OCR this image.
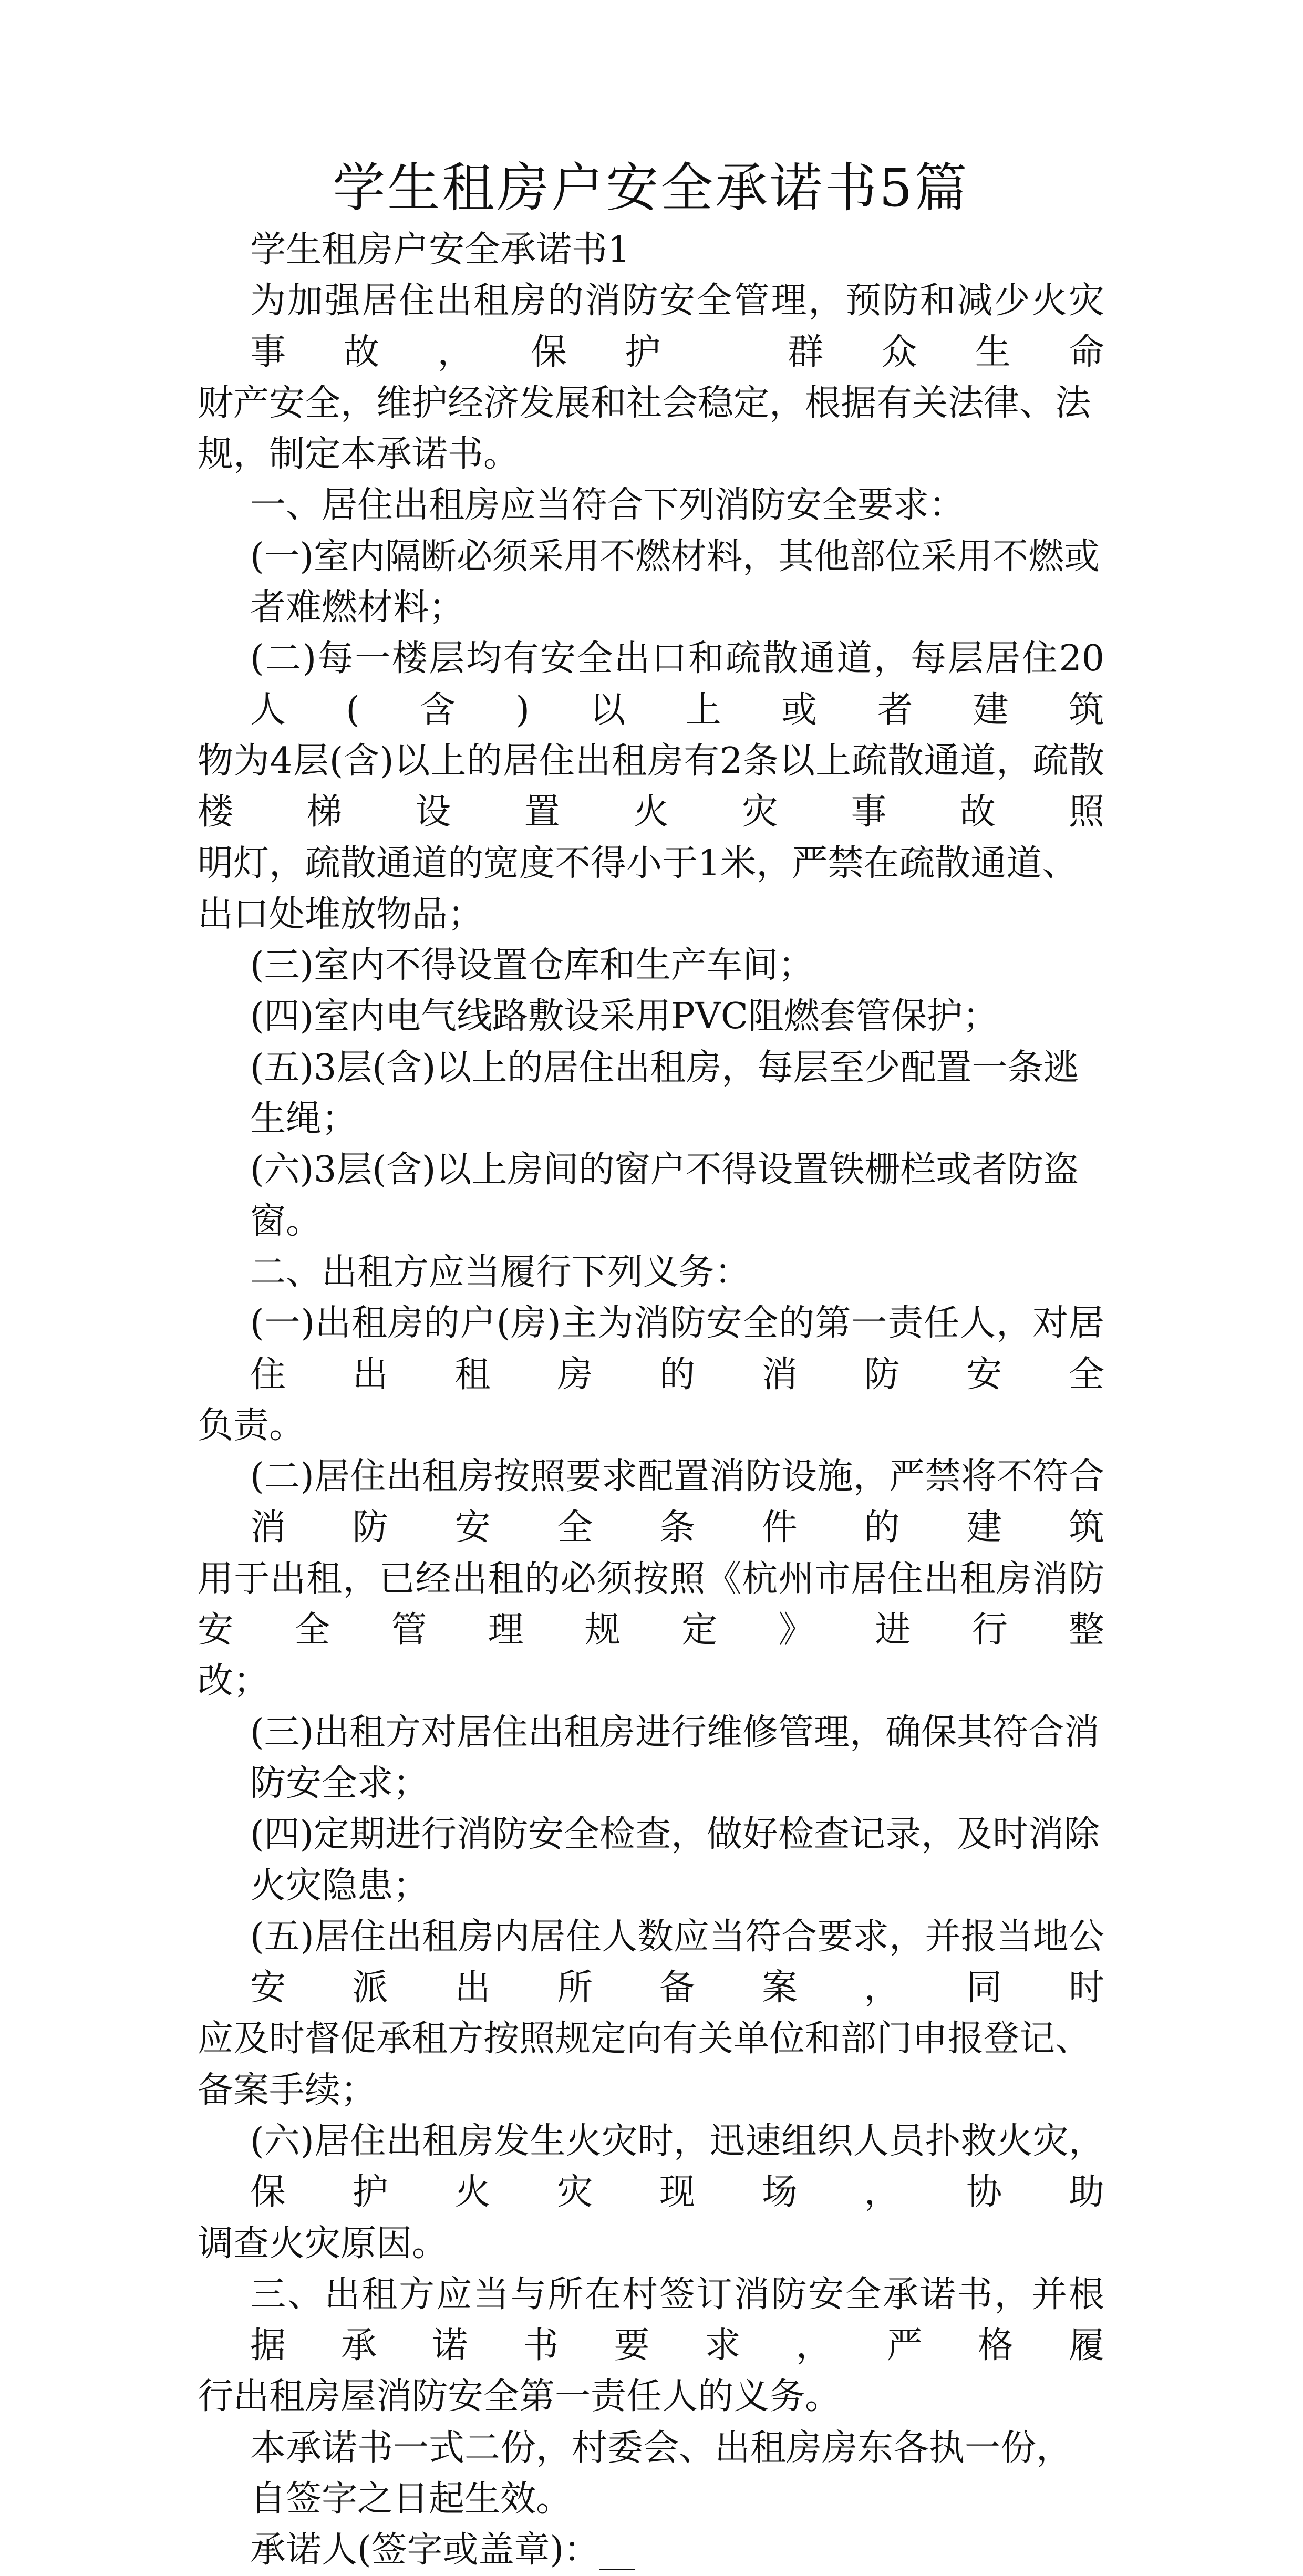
学生租房户安全承诺书5篇
学生租房户安全承诺书1
为加强居住出租房的消防安全管理，预防和减少火灾事故，保护 群众生命
财产安全，维护经济发展和社会稳定，根据有关法律、法规，制定本承诺书。
一、居住出租房应当符合下列消防安全要求：
(一)室内隔断必须采用不燃材料，其他部位采用不燃或者难燃材料；
(二)每一楼层均有安全出口和疏散通道，每层居住20人(含)以上或者建筑
物为4层(含)以上的居住出租房有2条以上疏散通道，疏散楼梯设置火灾事故照
明灯，疏散通道的宽度不得小于1米，严禁在疏散通道、出口处堆放物品；
(三)室内不得设置仓库和生产车间；
(四)室内电气线路敷设采用PVC阻燃套管保护；
(五)3层(含)以上的居住出租房，每层至少配置一条逃生绳；
(六)3层(含)以上房间的窗户不得设置铁栅栏或者防盗窗。
二、出租方应当履行下列义务：
(一)出租房的户(房)主为消防安全的第一责任人，对居住出租房的消防安全
负责。
(二)居住出租房按照要求配置消防设施，严禁将不符合消防安全条件的建筑
用于出租，已经出租的必须按照《杭州市居住出租房消防安全管理规定》进行整
改；
(三)出租方对居住出租房进行维修管理，确保其符合消防安全求；
(四)定期进行消防安全检查，做好检查记录，及时消除火灾隐患；
(五)居住出租房内居住人数应当符合要求，并报当地公安派出所备案，同时
应及时督促承租方按照规定向有关单位和部门申报登记、备案手续；
(六)居住出租房发生火灾时，迅速组织人员扑救火灾，保护火灾现场，协助
调查火灾原因。
三、出租方应当与所在村签订消防安全承诺书，并根据承诺书要求，严格履
行出租房屋消防安全第一责任人的义务。
本承诺书一式二份，村委会、出租房房东各执一份，自签字之日起生效。
承诺人(签字或盖章)：__
